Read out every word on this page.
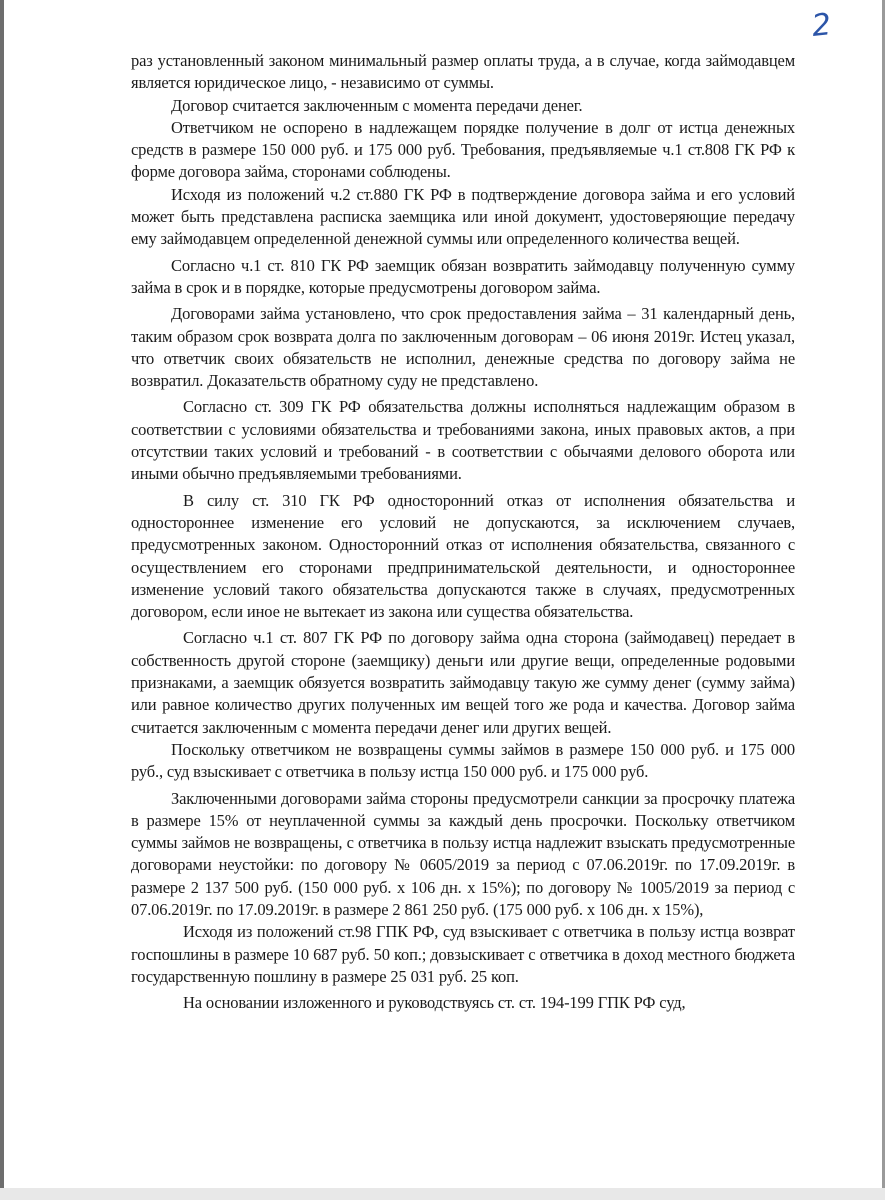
2

раз установленный законом минимальный размер оплаты труда, а в случае, когда займодавцем является юридическое лицо, - независимо от суммы.

Договор считается заключенным с момента передачи денег.

Ответчиком не оспорено в надлежащем порядке получение в долг от истца денежных средств в размере 150 000 руб. и 175 000 руб. Требования, предъявляемые ч.1 ст.808 ГК РФ к форме договора займа, сторонами соблюдены.

Исходя из положений ч.2 ст.880 ГК РФ в подтверждение договора займа и его условий может быть представлена расписка заемщика или иной документ, удостоверяющие передачу ему займодавцем определенной денежной суммы или определенного количества вещей.

Согласно ч.1 ст. 810 ГК РФ заемщик обязан возвратить займодавцу полученную сумму займа в срок и в порядке, которые предусмотрены договором займа.

Договорами займа установлено, что срок предоставления займа – 31 календарный день, таким образом срок возврата долга по заключенным договорам – 06 июня 2019г. Истец указал, что ответчик своих обязательств не исполнил, денежные средства по договору займа не возвратил. Доказательств обратному суду не представлено.

Согласно ст. 309 ГК РФ обязательства должны исполняться надлежащим образом в соответствии с условиями обязательства и требованиями закона, иных правовых актов, а при отсутствии таких условий и требований - в соответствии с обычаями делового оборота или иными обычно предъявляемыми требованиями.

В силу ст. 310 ГК РФ односторонний отказ от исполнения обязательства и одностороннее изменение его условий не допускаются, за исключением случаев, предусмотренных законом. Односторонний отказ от исполнения обязательства, связанного с осуществлением его сторонами предпринимательской деятельности, и одностороннее изменение условий такого обязательства допускаются также в случаях, предусмотренных договором, если иное не вытекает из закона или существа обязательства.

Согласно ч.1 ст. 807 ГК РФ по договору займа одна сторона (займодавец) передает в собственность другой стороне (заемщику) деньги или другие вещи, определенные родовыми признаками, а заемщик обязуется возвратить займодавцу такую же сумму денег (сумму займа) или равное количество других полученных им вещей того же рода и качества. Договор займа считается заключенным с момента передачи денег или других вещей.

Поскольку ответчиком не возвращены суммы займов в размере 150 000 руб. и 175 000 руб., суд взыскивает с ответчика в пользу истца 150 000 руб. и 175 000 руб.

Заключенными договорами займа стороны предусмотрели санкции за просрочку платежа в размере 15% от неуплаченной суммы за каждый день просрочки. Поскольку ответчиком суммы займов не возвращены, с ответчика в пользу истца надлежит взыскать предусмотренные договорами неустойки: по договору № 0605/2019 за период с 07.06.2019г. по 17.09.2019г. в размере 2 137 500 руб. (150 000 руб. х 106 дн. х 15%); по договору № 1005/2019 за период с 07.06.2019г. по 17.09.2019г. в размере 2 861 250 руб. (175 000 руб. х 106 дн. х 15%),

Исходя из положений ст.98 ГПК РФ, суд взыскивает с ответчика в пользу истца возврат госпошлины в размере 10 687 руб. 50 коп.; довзыскивает с ответчика в доход местного бюджета государственную пошлину в размере 25 031 руб. 25 коп.

На основании изложенного и руководствуясь ст. ст. 194-199 ГПК РФ суд,
